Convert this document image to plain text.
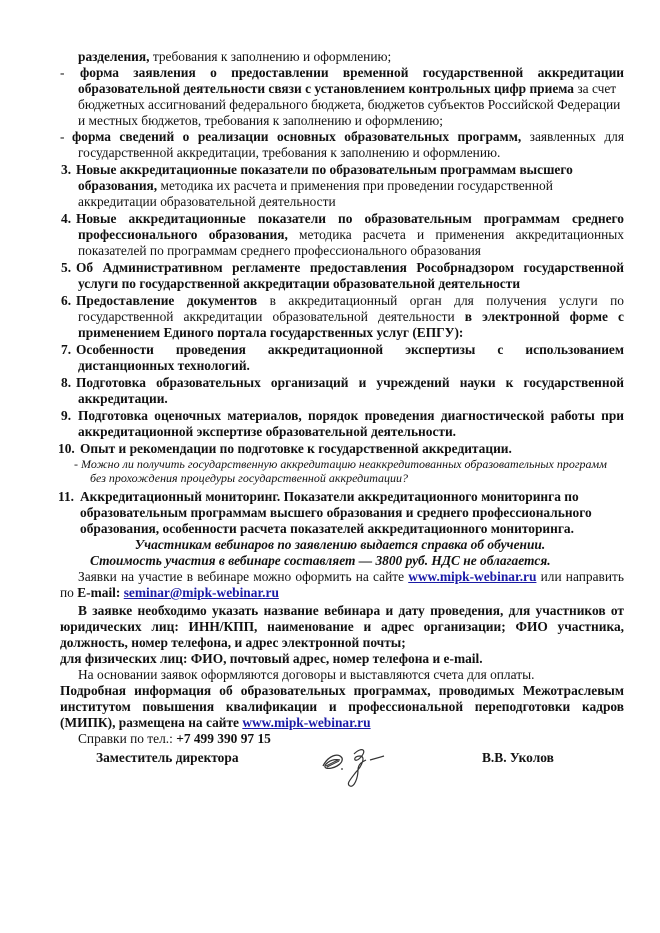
разделения, требования к заполнению и оформлению;
- форма заявления о предоставлении временной государственной аккредитации
образовательной деятельности связи с установлением контрольных цифр приема за счет
бюджетных ассигнований федерального бюджета, бюджетов субъектов Российской Федерации
и местных бюджетов, требования к заполнению и оформлению;
- форма сведений о реализации основных образовательных программ, заявленных для
государственной аккредитации, требования к заполнению и оформлению.
3. Новые аккредитационные показатели по образовательным программам высшего
образования, методика их расчета и применения при проведении государственной
аккредитации образовательной деятельности
4. Новые аккредитационные показатели по образовательным программам среднего
профессионального образования, методика расчета и применения аккредитационных
показателей по программам среднего профессионального образования
5. Об Административном регламенте предоставления Рособрнадзором государственной
услуги по государственной аккредитации образовательной деятельности
6. Предоставление документов в аккредитационный орган для получения услуги по
государственной аккредитации образовательной деятельности в электронной форме с
применением Единого портала государственных услуг (ЕПГУ):
7. Особенности проведения аккредитационной экспертизы с использованием
дистанционных технологий.
8. Подготовка образовательных организаций и учреждений науки к государственной
аккредитации.
9. Подготовка оценочных материалов, порядок проведения диагностической работы при
аккредитационной экспертизе образовательной деятельности.
10. Опыт и рекомендации по подготовке к государственной аккредитации.
- Можно ли получить государственную аккредитацию неаккредитованных образовательных программ
без прохождения процедуры государственной аккредитации?
11. Аккредитационный мониторинг. Показатели аккредитационного мониторинга по
образовательным программам высшего образования и среднего профессионального
образования, особенности расчета показателей аккредитационного мониторинга.
Участникам вебинаров по заявлению выдается справка об обучении.
Стоимость участия в вебинаре составляет — 3800 руб. НДС не облагается.
Заявки на участие в вебинаре можно оформить на сайте www.mipk-webinar.ru или направить
по E-mail: seminar@mipk-webinar.ru
В заявке необходимо указать название вебинара и дату проведения, для участников от
юридических лиц: ИНН/КПП, наименование и адрес организации; ФИО участника,
должность, номер телефона, и адрес электронной почты;
для физических лиц: ФИО, почтовый адрес, номер телефона и e-mail.
На основании заявок оформляются договоры и выставляются счета для оплаты.
Подробная информация об образовательных программах, проводимых Межотраслевым
институтом повышения квалификации и профессиональной переподготовки кадров
(МИПК), размещена на сайте www.mipk-webinar.ru
Справки по тел.: +7 499 390 97 15
Заместитель директора	В.В. Уколов
